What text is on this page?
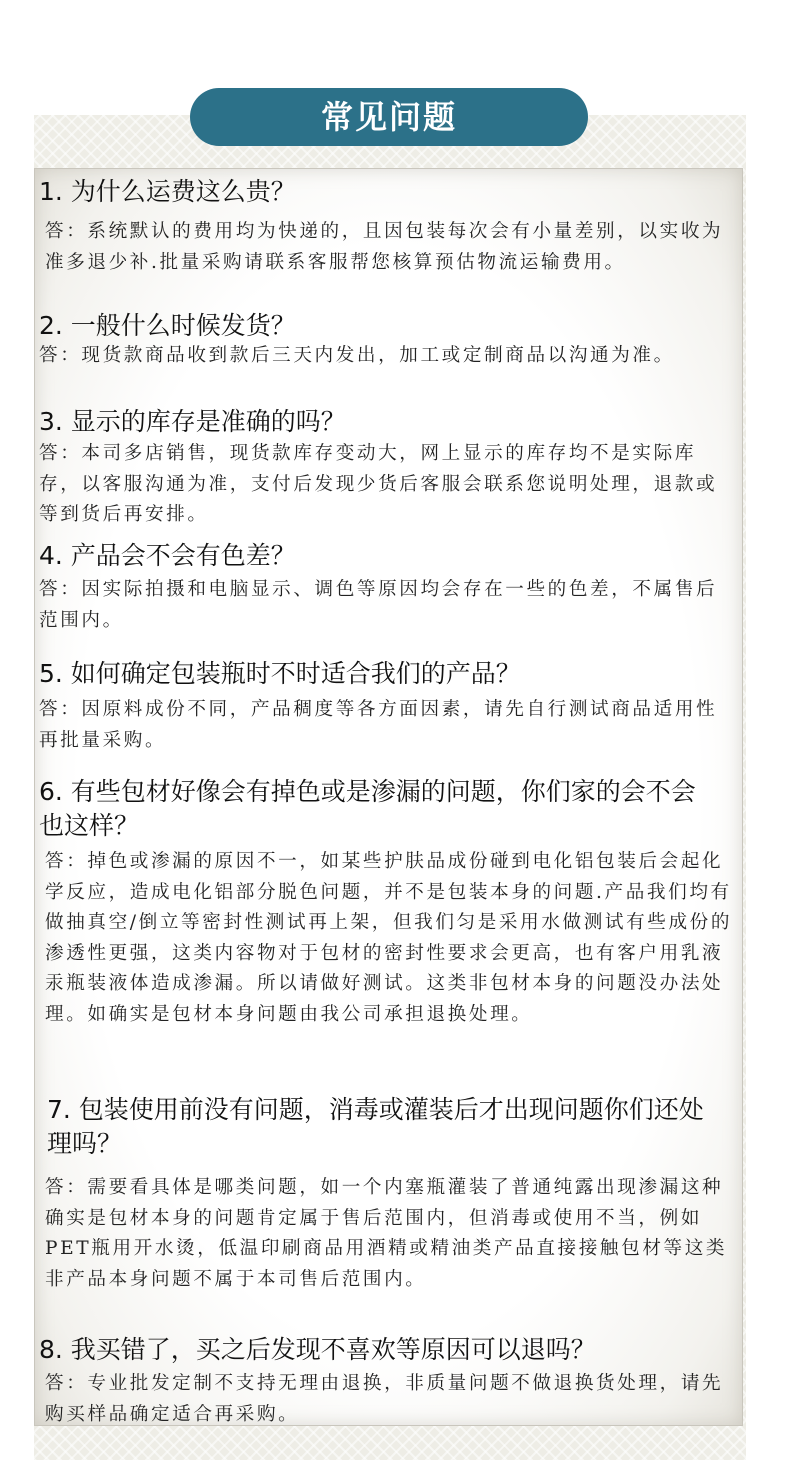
常见问题
1. 为什么运费这么贵？
答：系统默认的费用均为快递的，且因包装每次会有小量差别，以实收为准多退少补.批量采购请联系客服帮您核算预估物流运输费用。
2. 一般什么时候发货？
答：现货款商品收到款后三天内发出，加工或定制商品以沟通为准。
3. 显示的库存是准确的吗？
答：本司多店销售，现货款库存变动大，网上显示的库存均不是实际库存，以客服沟通为准，支付后发现少货后客服会联系您说明处理，退款或等到货后再安排。
4. 产品会不会有色差？
答：因实际拍摄和电脑显示、调色等原因均会存在一些的色差，不属售后范围内。
5. 如何确定包装瓶时不时适合我们的产品？
答：因原料成份不同，产品稠度等各方面因素，请先自行测试商品适用性再批量采购。
6. 有些包材好像会有掉色或是渗漏的问题，你们家的会不会也这样？
答：掉色或渗漏的原因不一，如某些护肤品成份碰到电化铝包装后会起化学反应，造成电化铝部分脱色问题，并不是包装本身的问题.产品我们均有做抽真空/倒立等密封性测试再上架，但我们匀是采用水做测试有些成份的渗透性更强，这类内容物对于包材的密封性要求会更高，也有客户用乳液汞瓶装液体造成渗漏。所以请做好测试。这类非包材本身的问题没办法处理。如确实是包材本身问题由我公司承担退换处理。
7. 包装使用前没有问题，消毒或灌装后才出现问题你们还处理吗？
答：需要看具体是哪类问题，如一个内塞瓶灌装了普通纯露出现渗漏这种确实是包材本身的问题肯定属于售后范围内，但消毒或使用不当，例如PET瓶用开水烫，低温印刷商品用酒精或精油类产品直接接触包材等这类非产品本身问题不属于本司售后范围内。
8. 我买错了，买之后发现不喜欢等原因可以退吗？
答：专业批发定制不支持无理由退换，非质量问题不做退换货处理，请先购买样品确定适合再采购。
